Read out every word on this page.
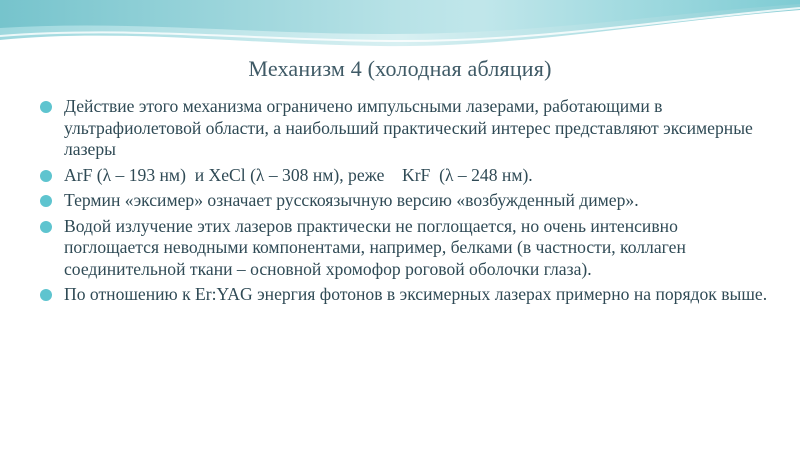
Механизм 4 (холодная абляция)
Действие этого механизма ограничено импульсными лазерами, работающими в ультрафиолетовой области, а наибольший практический интерес представляют эксимерные лазеры
ArF (λ – 193 нм)  и XeCl (λ – 308 нм), реже    KrF  (λ – 248 нм).
Термин «эксимер» означает русскоязычную версию «возбужденный димер».
Водой излучение этих лазеров практически не поглощается, но очень интенсивно поглощается неводными компонентами, например, белками (в частности, коллаген соединительной ткани – основной хромофор роговой оболочки глаза).
По отношению к Er:YAG энергия фотонов в эксимерных лазерах примерно на порядок выше.
